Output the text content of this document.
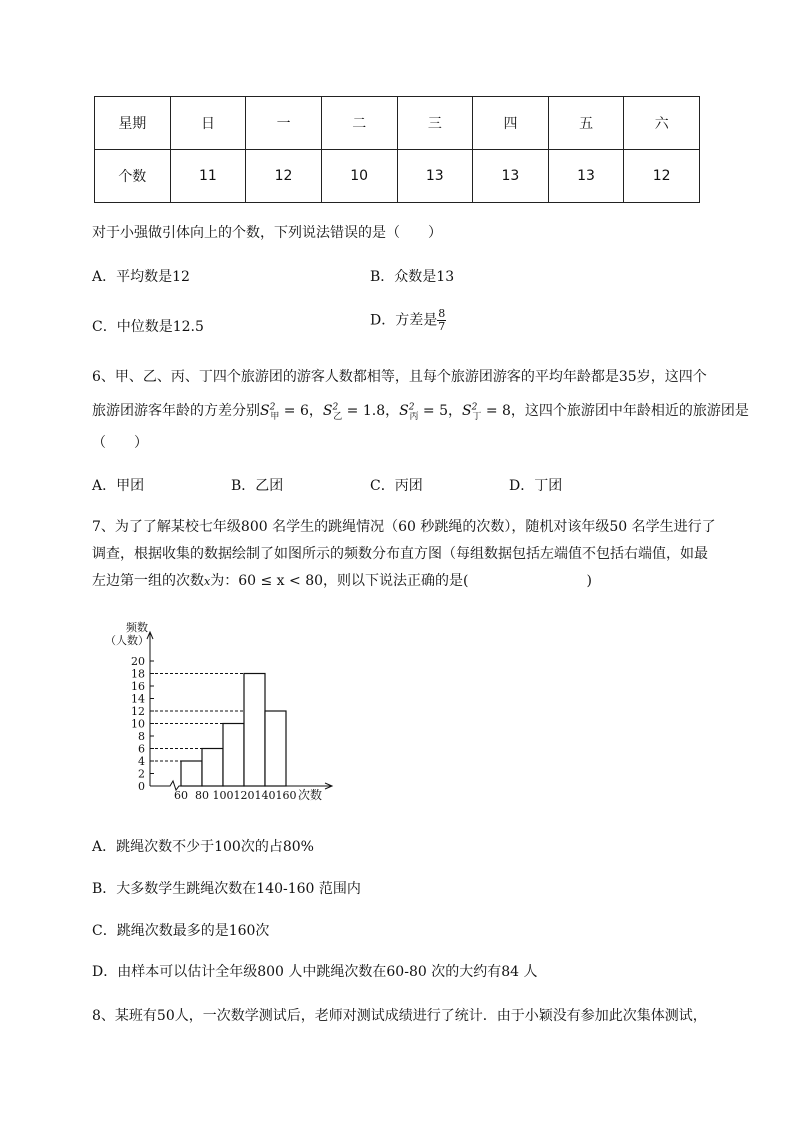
星期	日	一	二	三	四	五	六
个数	11	12	10	13	13	13	12
对于小强做引体向上的个数，下列说法错误的是（　　）
A．平均数是12	B．众数是13
C．中位数是12.5	D．方差是 $\frac{8}{7}$
6、甲、乙、丙、丁四个旅游团的游客人数都相等，且每个旅游团游客的平均年龄都是35岁，这四个
旅游团游客年龄的方差分别$S^2_甲 = 6$，$S^2_乙 = 1.8$，$S^2_丙 = 5$，$S^2_丁 = 8$，这四个旅游团中年龄相近的旅游团是
（　　）
A．甲团	B．乙团	C．丙团	D．丁团
7、为了了解某校七年级800 名学生的跳绳情况（60 秒跳绳的次数），随机对该年级50 名学生进行了
调查，根据收集的数据绘制了如图所示的频数分布直方图（每组数据包括左端值不包括右端值，如最
左边第一组的次数x为：60 ≤ x < 80，则以下说法正确的是(	)
0
2
4
6
8
10
12
14
16
18
20
60 80 100 120 140 160 次数
频数
（人数）
A．跳绳次数不少于100次的占80%
B．大多数学生跳绳次数在140-160 范围内
C．跳绳次数最多的是160次
D．由样本可以估计全年级800 人中跳绳次数在60-80 次的大约有84 人
8、某班有50人，一次数学测试后，老师对测试成绩进行了统计．由于小颖没有参加此次集体测试，
